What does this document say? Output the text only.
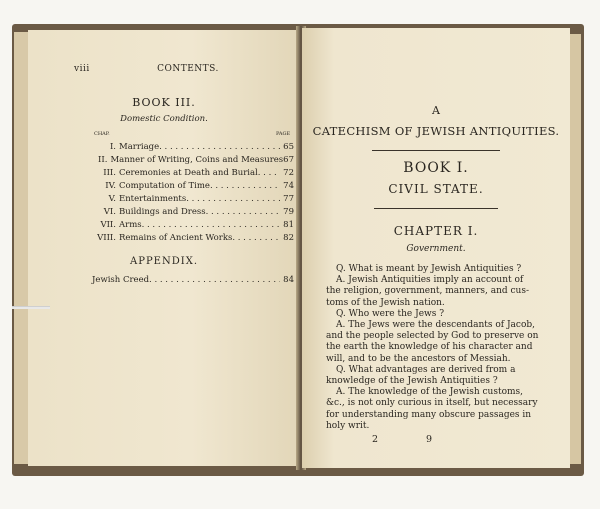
viii	CONTENTS.
BOOK III.
Domestic Condition.
CHAP.	PAGE
I. Marriage . . .	65
II. Manner of Writing, Coins and Measures 67
III. Ceremonies at Death and Burial . . .	72
IV. Computation of Time . . .	74
V. Entertainments . . .	77
VI. Buildings and Dress . . .	79
VII. Arms . . .	81
VIII. Remains of Ancient Works . . .	82
APPENDIX.
Jewish Creed . . .	84
A
CATECHISM OF JEWISH ANTIQUITIES.
BOOK I.
CIVIL STATE.
CHAPTER I.
Government.
Q. What is meant by Jewish Antiquities ?
A. Jewish Antiquities imply an account of
the religion, government, manners, and cus-
toms of the Jewish nation.
Q. Who were the Jews ?
A. The Jews were the descendants of Jacob,
and the people selected by God to preserve on
the earth the knowledge of his character and
will, and to be the ancestors of Messiah.
Q. What advantages are derived from a
knowledge of the Jewish Antiquities ?
A. The knowledge of the Jewish customs,
&c., is not only curious in itself, but necessary
for understanding many obscure passages in
holy writ.
2	9
